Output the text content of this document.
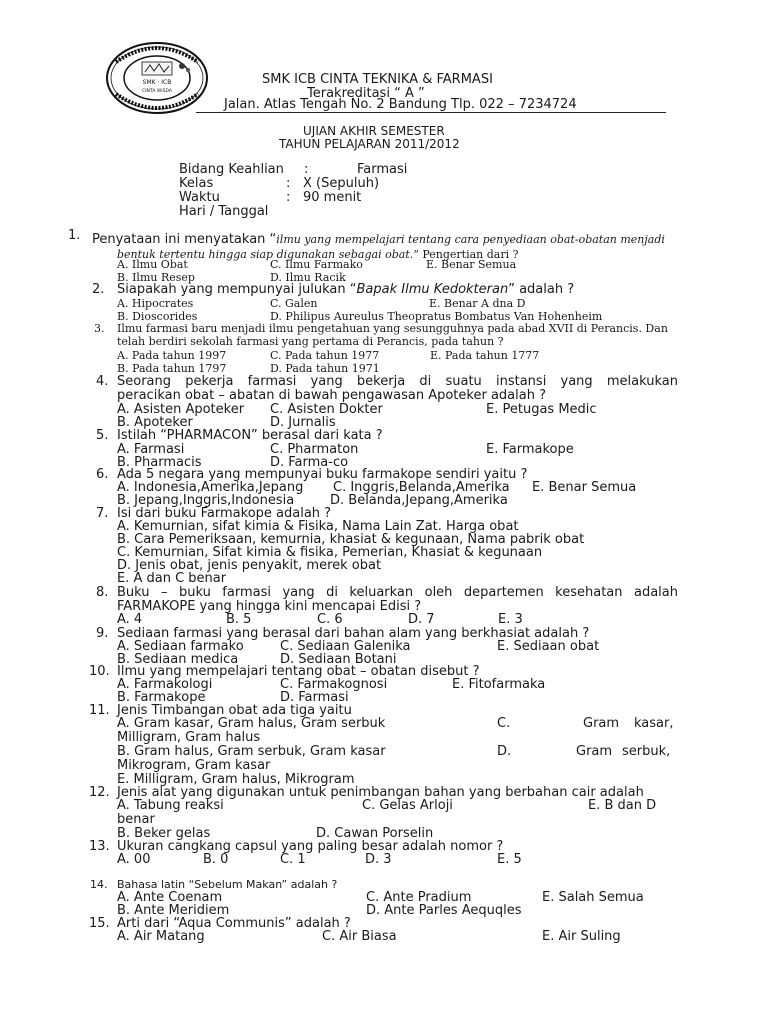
SMK · ICB
CINTA WISDA
SMK ICB CINTA TEKNIKA & FARMASI
Terakreditasi “ A ”
Jalan. Atlas Tengah No. 2 Bandung Tlp. 022 – 7234724
UJIAN AKHIR SEMESTER
TAHUN PELAJARAN 2011/2012
Bidang Keahlian :	Farmasi
Kelas	: X (Sepuluh)
Waktu	: 90 menit
Hari / Tanggal
1. Penyataan ini menyatakan “ilmu yang mempelajari tentang cara penyediaan obat-obatan menjadi
bentuk tertentu hingga siap digunakan sebagai obat.” Pengertian dari ?
A. Ilmu Obat	C. Ilmu Farmako	E. Benar Semua
B. Ilmu Resep	D. Ilmu Racik
2. Siapakah yang mempunyai julukan “Bapak Ilmu Kedokteran” adalah ?
A. Hipocrates	C. Galen	E. Benar A dna D
B. Dioscorides	D. Philipus Aureulus Theopratus Bombatus Van Hohenheim
3. Ilmu farmasi baru menjadi ilmu pengetahuan yang sesungguhnya pada abad XVII di Perancis. Dan
telah berdiri sekolah farmasi yang pertama di Perancis, pada tahun ?
A. Pada tahun 1997	C. Pada tahun 1977	E. Pada tahun 1777
B. Pada tahun 1797	D. Pada tahun 1971
4. Seorang pekerja farmasi yang bekerja di suatu instansi yang melakukan
peracikan obat – abatan di bawah pengawasan Apoteker adalah ?
A. Asisten Apoteker C. Asisten Dokter	E. Petugas Medic
B. Apoteker	D. Jurnalis
5. Istilah “PHARMACON” berasal dari kata ?
A. Farmasi	C. Pharmaton	E. Farmakope
B. Pharmacis	D. Farma-co
6. Ada 5 negara yang mempunyai buku farmakope sendiri yaitu ?
A. Indonesia,Amerika,Jepang C. Inggris,Belanda,Amerika E. Benar Semua
B. Jepang,Inggris,Indonesia	D. Belanda,Jepang,Amerika
7. Isi dari buku Farmakope adalah ?
A. Kemurnian, sifat kimia & Fisika, Nama Lain Zat. Harga obat
B. Cara Pemeriksaan, kemurnia, khasiat & kegunaan, Nama pabrik obat
C. Kemurnian, Sifat kimia & fisika, Pemerian, Khasiat & kegunaan
D. Jenis obat, jenis penyakit, merek obat
E. A dan C benar
8. Buku – buku farmasi yang di keluarkan oleh departemen kesehatan adalah
FARMAKOPE yang hingga kini mencapai Edisi ?
A. 4	B. 5	C. 6	D. 7	E. 3
9. Sediaan farmasi yang berasal dari bahan alam yang berkhasiat adalah ?
A. Sediaan farmako	C. Sediaan Galenika	E. Sediaan obat
B. Sediaan medica	D. Sediaan Botani
10. Ilmu yang mempelajari tentang obat – obatan disebut ?
A. Farmakologi	C. Farmakognosi	E. Fitofarmaka
B. Farmakope	D. Farmasi
11. Jenis Timbangan obat ada tiga yaitu
A. Gram kasar, Gram halus, Gram serbuk	C.	Gram kasar,
Milligram, Gram halus
B. Gram halus, Gram serbuk, Gram kasar	D.	Gram serbuk,
Mikrogram, Gram kasar
E. Milligram, Gram halus, Mikrogram
12. Jenis alat yang digunakan untuk penimbangan bahan yang berbahan cair adalah
A. Tabung reaksi	C. Gelas Arloji	E. B dan D
benar
B. Beker gelas	D. Cawan Porselin
13. Ukuran cangkang capsul yang paling besar adalah nomor ?
A. 00	B. 0	C. 1	D. 3	E. 5
14. Bahasa latin “Sebelum Makan” adalah ?
A. Ante Coenam	C. Ante Pradium	E. Salah Semua
B. Ante Meridiem	D. Ante Parles Aequqles
15. Arti dari “Aqua Communis” adalah ?
A. Air Matang	C. Air Biasa	E. Air Suling
